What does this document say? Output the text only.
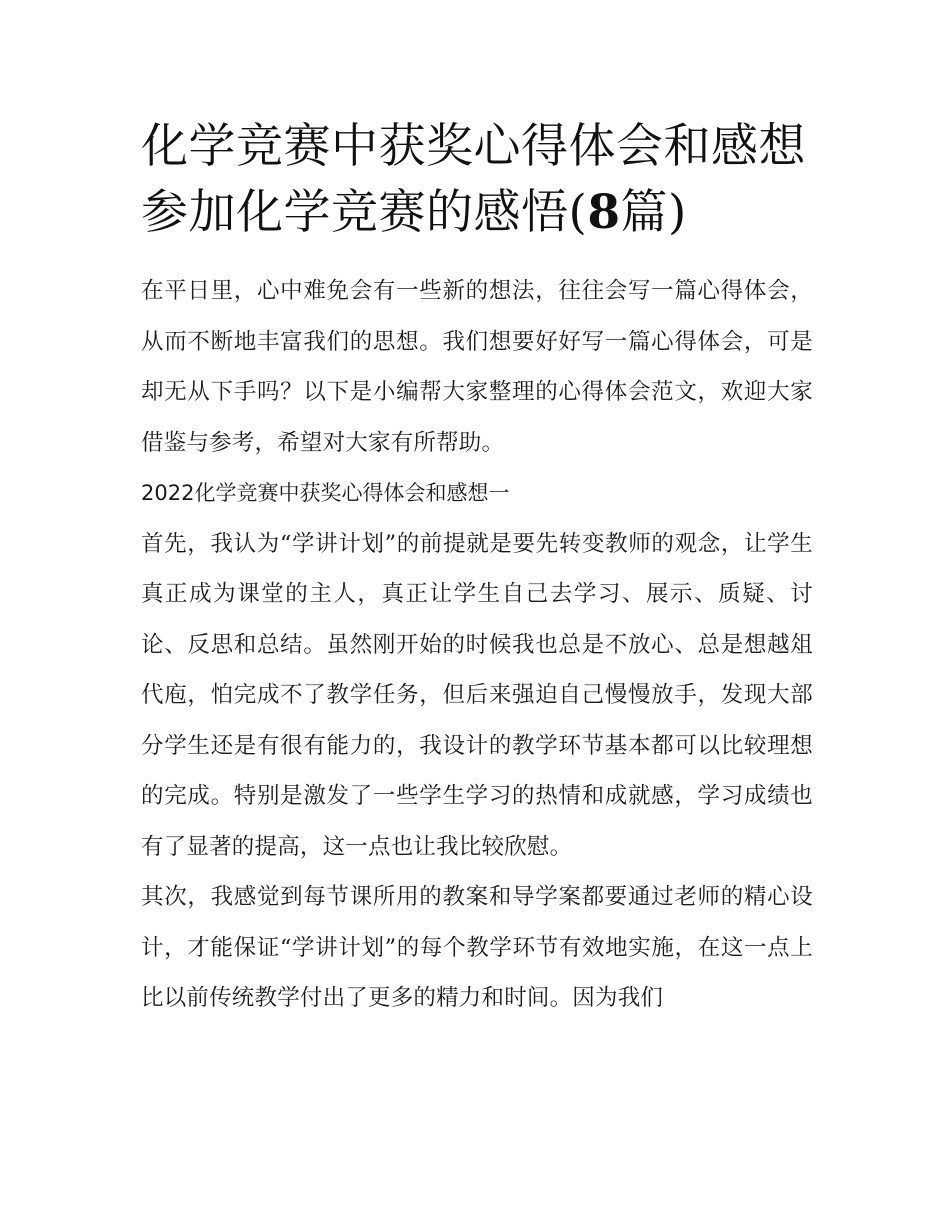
化学竞赛中获奖心得体会和感想 参加化学竞赛的感悟(8篇)

在平日里，心中难免会有一些新的想法，往往会写一篇心得体会，从而不断地丰富我们的思想。我们想要好好写一篇心得体会，可是却无从下手吗？以下是小编帮大家整理的心得体会范文，欢迎大家借鉴与参考，希望对大家有所帮助。

2022化学竞赛中获奖心得体会和感想一

首先，我认为“学讲计划”的前提就是要先转变教师的观念，让学生真正成为课堂的主人，真正让学生自己去学习、展示、质疑、讨论、反思和总结。虽然刚开始的时候我也总是不放心、总是想越俎代庖，怕完成不了教学任务，但后来强迫自己慢慢放手，发现大部分学生还是有很有能力的，我设计的教学环节基本都可以比较理想的完成。特别是激发了一些学生学习的热情和成就感，学习成绩也有了显著的提高，这一点也让我比较欣慰。

其次，我感觉到每节课所用的教案和导学案都要通过老师的精心设计，才能保证“学讲计划”的每个教学环节有效地实施，在这一点上比以前传统教学付出了更多的精力和时间。因为我们
